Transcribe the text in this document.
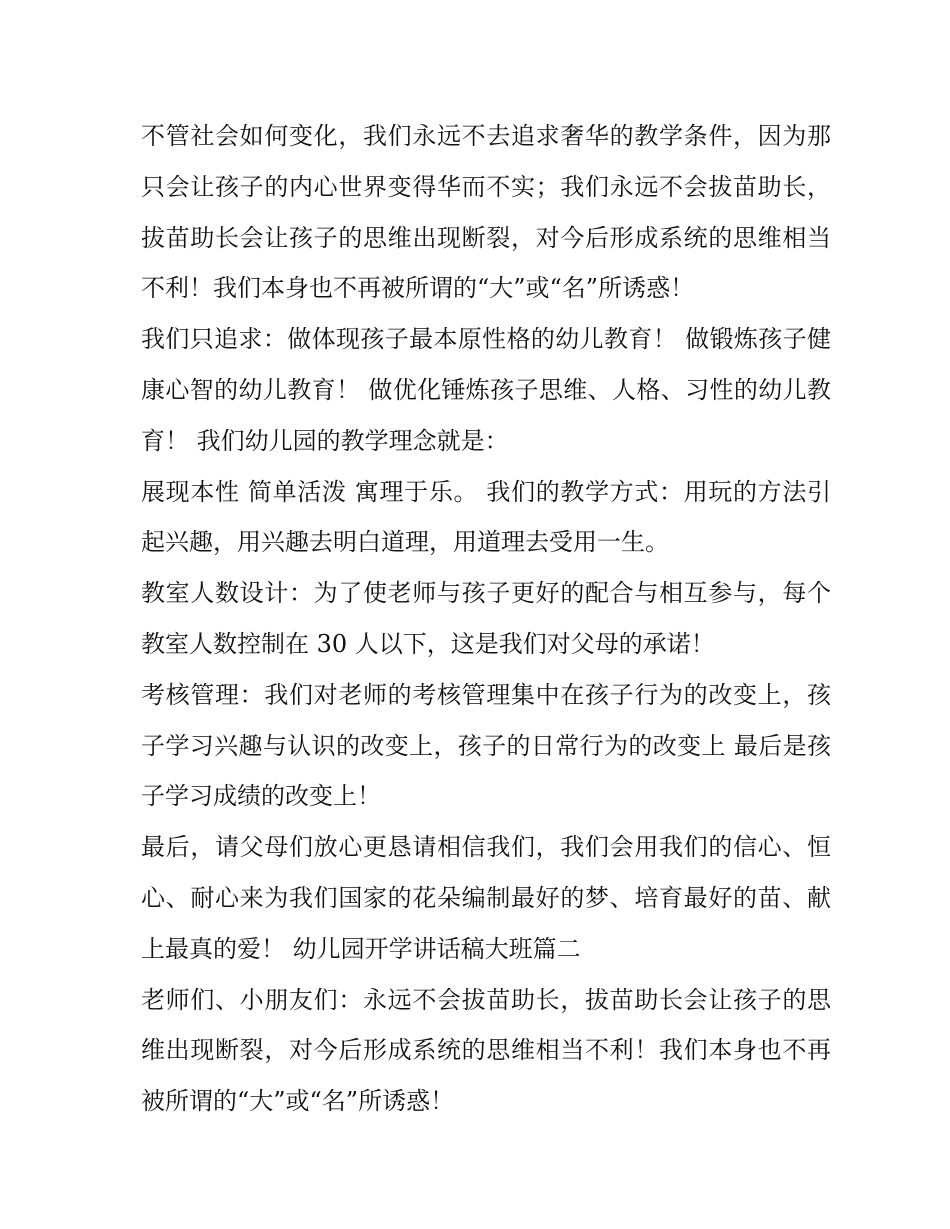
不管社会如何变化，我们永远不去追求奢华的教学条件，因为那只会让孩子的内心世界变得华而不实；我们永远不会拔苗助长，拔苗助长会让孩子的思维出现断裂，对今后形成系统的思维相当不利！我们本身也不再被所谓的“大”或“名”所诱惑！

我们只追求：做体现孩子最本原性格的幼儿教育！ 做锻炼孩子健康心智的幼儿教育！ 做优化锤炼孩子思维、人格、习性的幼儿教育！ 我们幼儿园的教学理念就是：

展现本性 简单活泼 寓理于乐。 我们的教学方式：用玩的方法引起兴趣，用兴趣去明白道理，用道理去受用一生。

教室人数设计：为了使老师与孩子更好的配合与相互参与，每个教室人数控制在 30 人以下，这是我们对父母的承诺！

考核管理：我们对老师的考核管理集中在孩子行为的改变上，孩子学习兴趣与认识的改变上，孩子的日常行为的改变上 最后是孩子学习成绩的改变上！

最后，请父母们放心更恳请相信我们，我们会用我们的信心、恒心、耐心来为我们国家的花朵编制最好的梦、培育最好的苗、献上最真的爱！ 幼儿园开学讲话稿大班篇二

老师们、小朋友们：永远不会拔苗助长，拔苗助长会让孩子的思维出现断裂，对今后形成系统的思维相当不利！我们本身也不再被所谓的“大”或“名”所诱惑！
